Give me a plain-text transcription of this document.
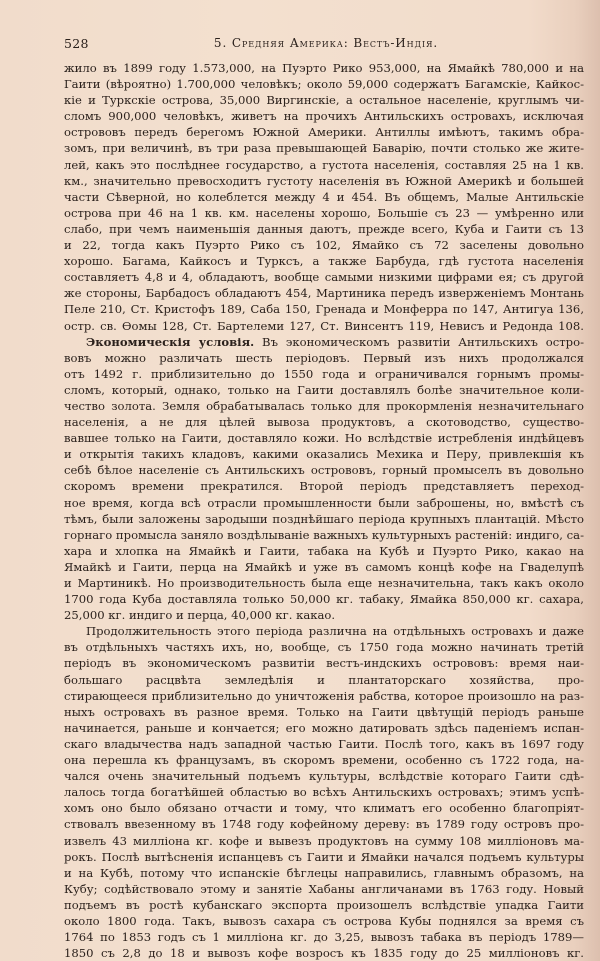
528	5. Средняя Америка: Вестъ-Индія.
жило въ 1899 году 1.573,000, на Пуэрто Рико 953,000, на Ямайкѣ 780,000 и на
Гаити (вѣроятно) 1.700,000 человѣкъ; около 59,000 содержатъ Багамскіе, Кайкос-
кіе и Туркскіе острова, 35,000 Виргинскіе, а остальное населеніе, круглымъ чи-
сломъ 900,000 человѣкъ, живетъ на прочихъ Антильскихъ островахъ, исключая
острововъ передъ берегомъ Южной Америки. Антиллы имѣютъ, такимъ обра-
зомъ, при величинѣ, въ три раза превышающей Баварію, почти столько же жите-
лей, какъ это послѣднее государство, а густота населенія, составляя 25 на 1 кв.
км., значительно превосходитъ густоту населенія въ Южной Америкѣ и большей
части Сѣверной, но колеблется между 4 и 454. Въ общемъ, Малые Антильскіе
острова при 46 на 1 кв. км. населены хорошо, Большіе съ 23 — умѣренно или
слабо, при чемъ наименьшія данныя даютъ, прежде всего, Куба и Гаити съ 13
и 22, тогда какъ Пуэрто Рико съ 102, Ямайко съ 72 заселены довольно
хорошо. Багама, Кайкосъ и Турксъ, а также Барбуда, гдѣ густота населенія
составляетъ 4,8 и 4, обладаютъ, вообще самыми низкими цифрами ея; съ другой
же стороны, Барбадосъ обладаютъ 454, Мартиника передъ изверженіемъ Монтань
Пеле 210, Ст. Кристофъ 189, Саба 150, Гренада и Монферра по 147, Антигуа 136,
остр. св. Ѳомы 128, Ст. Бартелеми 127, Ст. Винсентъ 119, Невисъ и Редонда 108.
Экономическія условія. Въ экономическомъ развитіи Антильскихъ остро-
вовъ можно различать шесть періодовъ. Первый изъ нихъ продолжался
отъ 1492 г. приблизительно до 1550 года и ограничивался горнымъ промы-
сломъ, который, однако, только на Гаити доставлялъ болѣе значительное коли-
чество золота. Земля обрабатывалась только для прокормленія незначительнаго
населенія, а не для цѣлей вывоза продуктовъ, а скотоводство, существо-
вавшее только на Гаити, доставляло кожи. Но вслѣдствіе истребленія индѣйцевъ
и открытія такихъ кладовъ, какими оказались Мехика и Перу, привлекшія къ
себѣ бѣлое населеніе съ Антильскихъ острововъ, горный промыселъ въ довольно
скоромъ времени прекратился. Второй періодъ представляетъ переход-
ное время, когда всѣ отрасли промышленности были заброшены, но, вмѣстѣ съ
тѣмъ, были заложены зародыши позднѣйшаго періода крупныхъ плантацій. Мѣсто
горнаго промысла заняло воздѣлываніе важныхъ культурныхъ растеній: индиго, са-
хара и хлопка на Ямайкѣ и Гаити, табака на Кубѣ и Пуэрто Рико, какао на
Ямайкѣ и Гаити, перца на Ямайкѣ и уже въ самомъ концѣ кофе на Гваделупѣ
и Мартиникѣ. Но производительность была еще незначительна, такъ какъ около
1700 года Куба доставляла только 50,000 кг. табаку, Ямайка 850,000 кг. сахара,
25,000 кг. индиго и перца, 40,000 кг. какао.
Продолжительность этого періода различна на отдѣльныхъ островахъ и даже
въ отдѣльныхъ частяхъ ихъ, но, вообще, съ 1750 года можно начинать третій
періодъ въ экономическомъ развитіи вестъ-индскихъ острововъ: время наи-
большаго расцвѣта земледѣлія и плантаторскаго хозяйства, про-
стирающееся приблизительно до уничтоженія рабства, которое произошло на раз-
ныхъ островахъ въ разное время. Только на Гаити цвѣтущій періодъ раньше
начинается, раньше и кончается; его можно датировать здѣсь паденіемъ испан-
скаго владычества надъ западной частью Гаити. Послѣ того, какъ въ 1697 году
она перешла къ французамъ, въ скоромъ времени, особенно съ 1722 года, на-
чался очень значительный подъемъ культуры, вслѣдствіе котораго Гаити сдѣ-
лалось тогда богатѣйшей областью во всѣхъ Антильскихъ островахъ; этимъ успѣ-
хомъ оно было обязано отчасти и тому, что климатъ его особенно благопріят-
ствовалъ ввезенному въ 1748 году кофейному дереву: въ 1789 году островъ про-
извелъ 43 милліона кг. кофе и вывезъ продуктовъ на сумму 108 милліоновъ ма-
рокъ. Послѣ вытѣсненія испанцевъ съ Гаити и Ямайки начался подъемъ культуры
и на Кубѣ, потому что испанскіе бѣглецы направились, главнымъ образомъ, на
Кубу; содѣйствовало этому и занятіе Хабаны англичанами въ 1763 году. Новый
подъемъ въ ростѣ кубанскаго экспорта произошелъ вслѣдствіе упадка Гаити
около 1800 года. Такъ, вывозъ сахара съ острова Кубы поднялся за время съ
1764 по 1853 годъ съ 1 милліона кг. до 3,25, вывозъ табака въ періодъ 1789—
1850 съ 2,8 до 18 и вывозъ кофе возросъ къ 1835 году до 25 милліоновъ кг.
